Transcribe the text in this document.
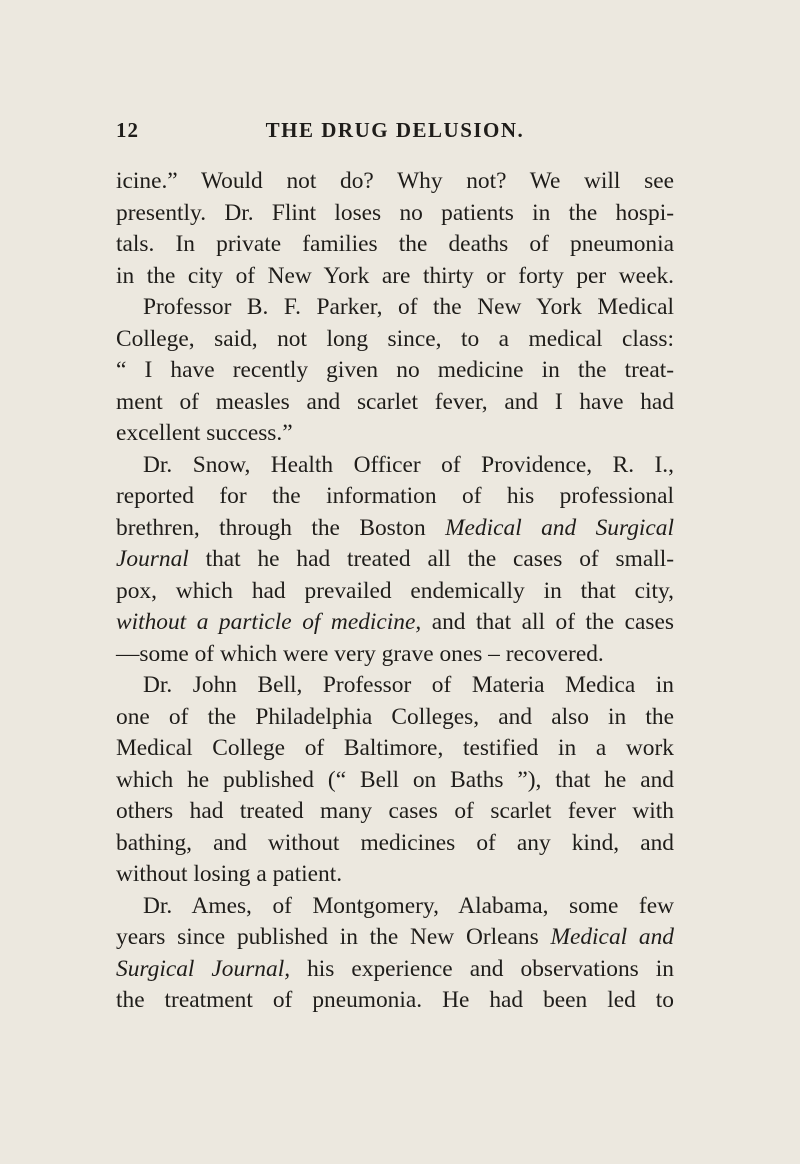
12	THE DRUG DELUSION.
icine.” Would not do? Why not? We will see
presently. Dr. Flint loses no patients in the hospi-
tals. In private families the deaths of pneumonia
in the city of New York are thirty or forty per week.
Professor B. F. Parker, of the New York Medical
College, said, not long since, to a medical class:
“ I have recently given no medicine in the treat-
ment of measles and scarlet fever, and I have had
excellent success.”
Dr. Snow, Health Officer of Providence, R. I.,
reported for the information of his professional
brethren, through the Boston Medical and Surgical
Journal that he had treated all the cases of small-
pox, which had prevailed endemically in that city,
without a particle of medicine, and that all of the cases
—some of which were very grave ones – recovered.
Dr. John Bell, Professor of Materia Medica in
one of the Philadelphia Colleges, and also in the
Medical College of Baltimore, testified in a work
which he published (“ Bell on Baths ”), that he and
others had treated many cases of scarlet fever with
bathing, and without medicines of any kind, and
without losing a patient.
Dr. Ames, of Montgomery, Alabama, some few
years since published in the New Orleans Medical and
Surgical Journal, his experience and observations in
the treatment of pneumonia. He had been led to
